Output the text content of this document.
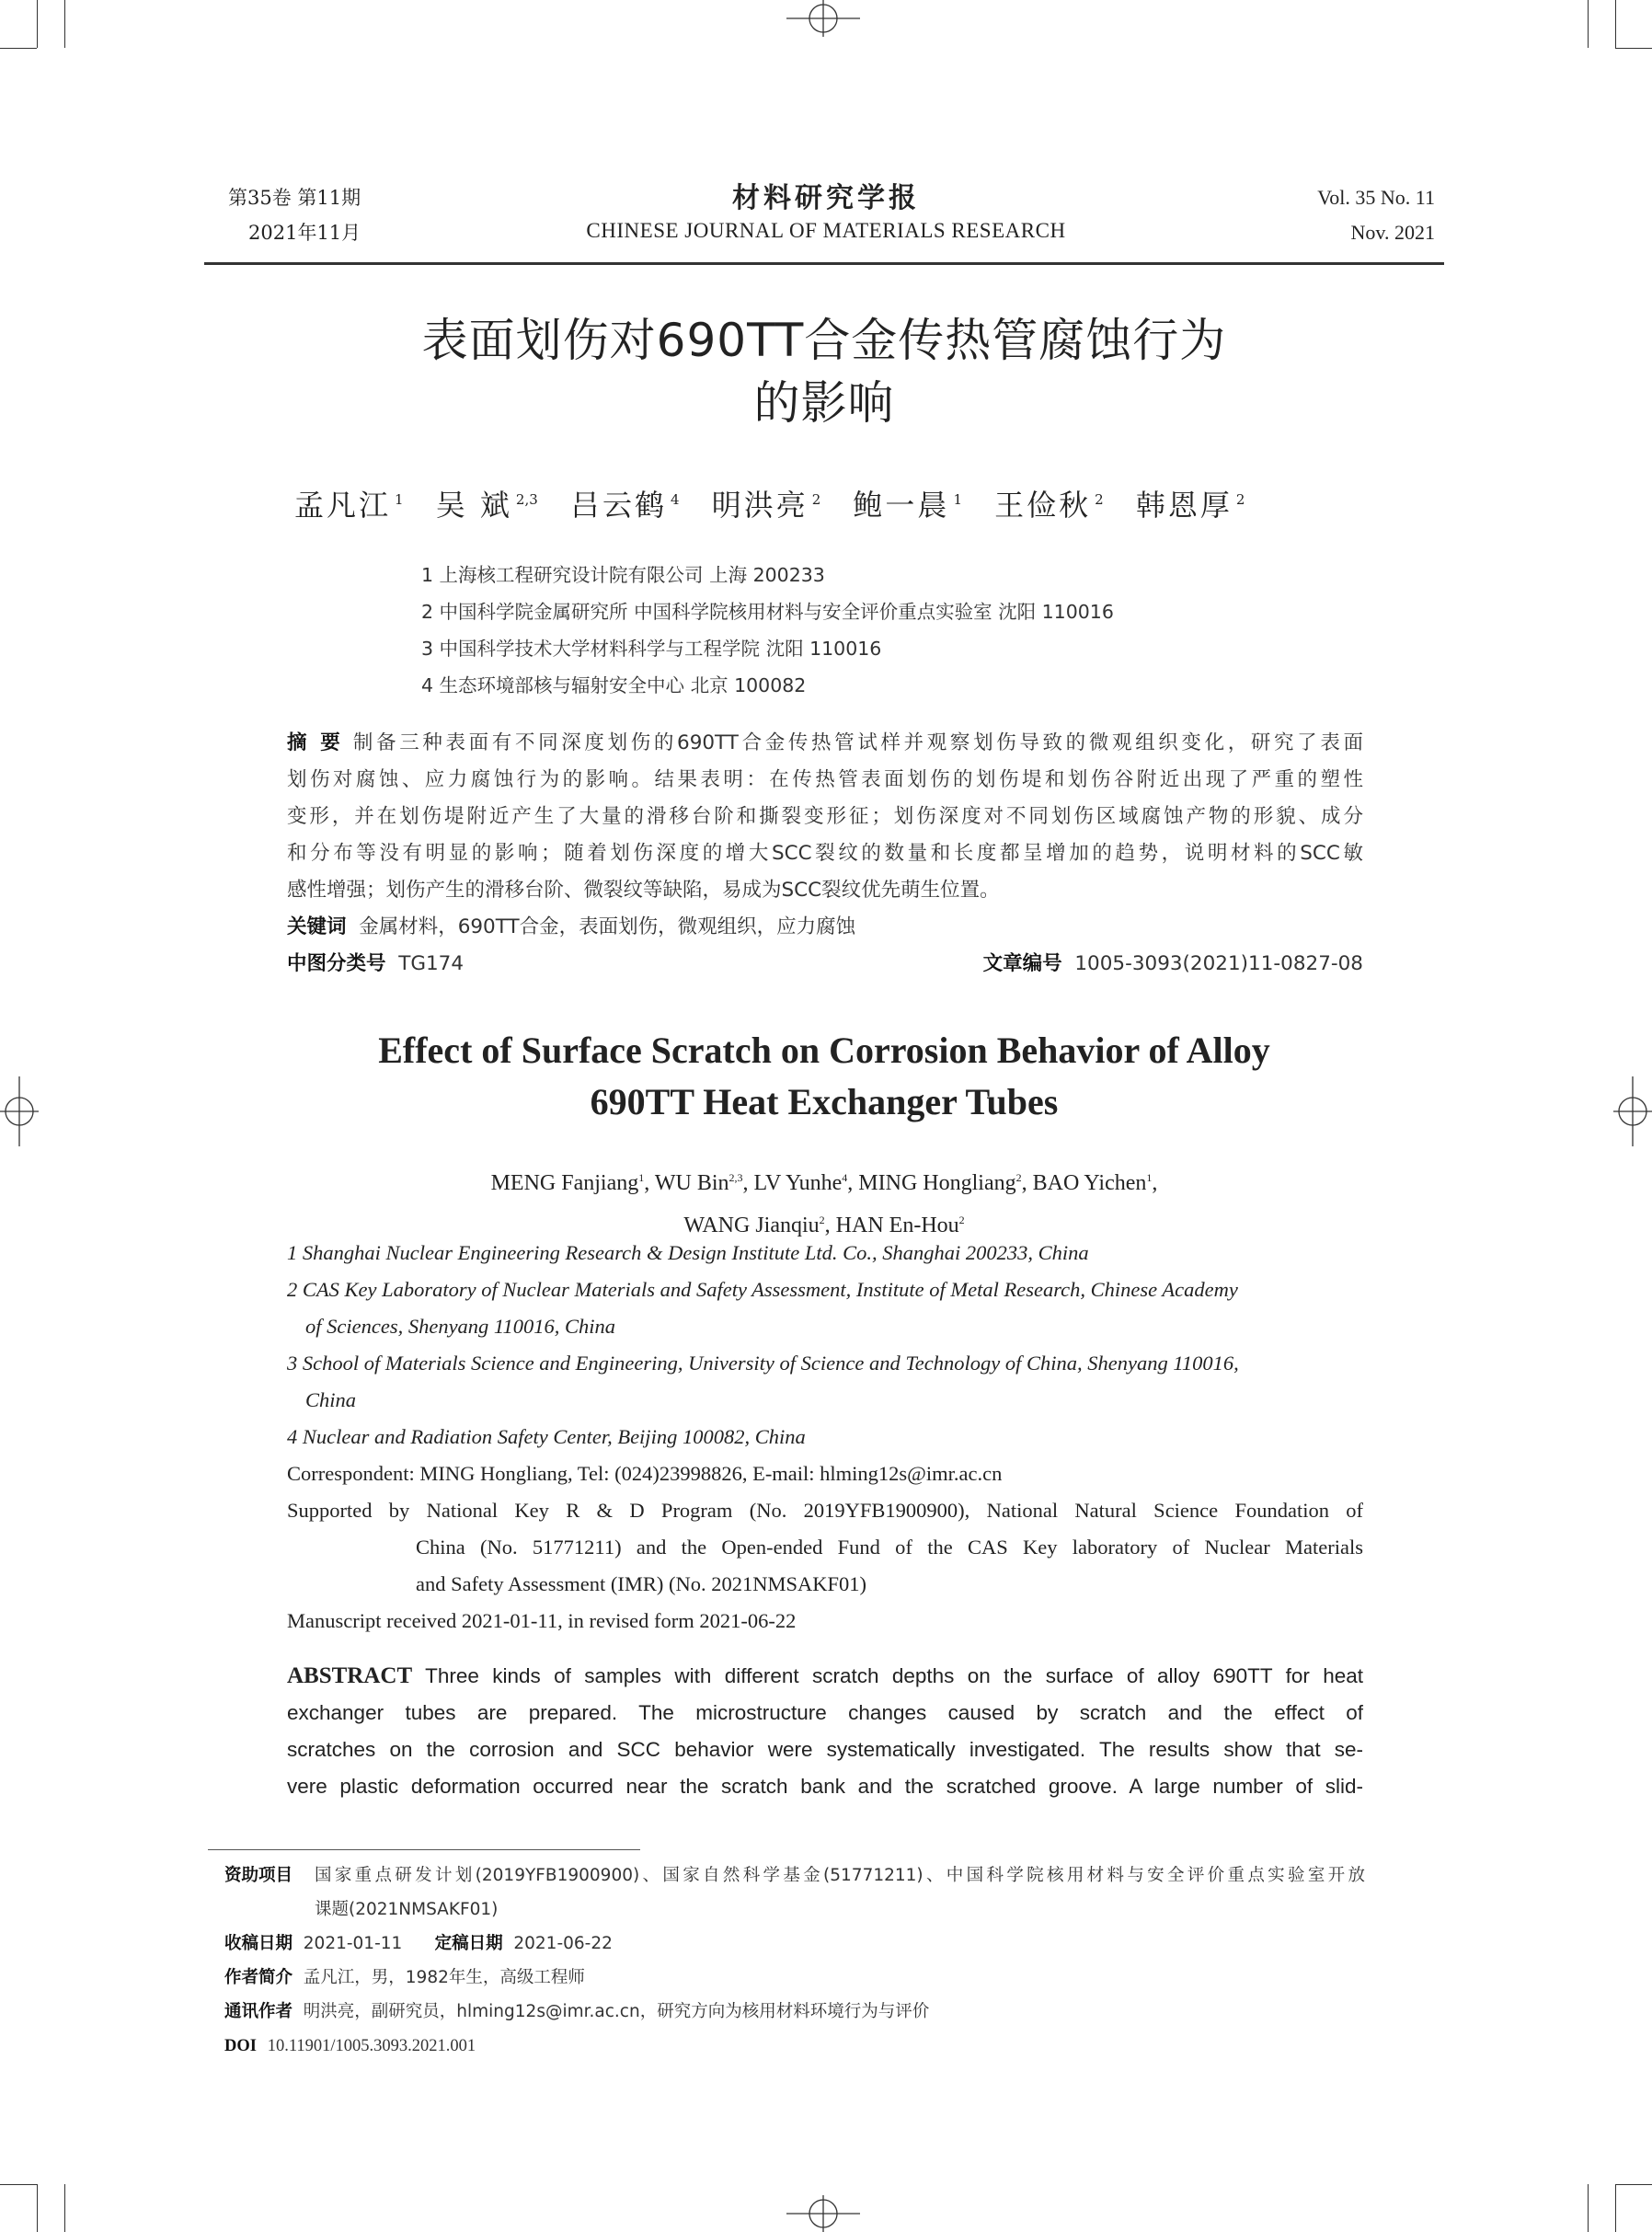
第35卷 第11期
2021年11月
材料研究学报
CHINESE JOURNAL OF MATERIALS RESEARCH
Vol. 35 No. 11
Nov. 2021
表面划伤对690TT合金传热管腐蚀行为
的影响
孟凡江 $^1$ 吴 斌 $^{2,3}$ 吕云鹤 $^4$ 明洪亮 $^2$ 鲍一晨 $^1$ 王俭秋 $^2$ 韩恩厚 $^2$
1 上海核工程研究设计院有限公司 上海 200233
2 中国科学院金属研究所 中国科学院核用材料与安全评价重点实验室 沈阳 110016
3 中国科学技术大学材料科学与工程学院 沈阳 110016
4 生态环境部核与辐射安全中心 北京 100082
摘 要 制备三种表面有不同深度划伤的690TT合金传热管试样并观察划伤导致的微观组织变化，研究了表面
划伤对腐蚀、应力腐蚀行为的影响。结果表明：在传热管表面划伤的划伤堤和划伤谷附近出现了严重的塑性
变形，并在划伤堤附近产生了大量的滑移台阶和撕裂变形征；划伤深度对不同划伤区域腐蚀产物的形貌、成分
和分布等没有明显的影响；随着划伤深度的增大SCC裂纹的数量和长度都呈增加的趋势，说明材料的SCC敏
感性增强；划伤产生的滑移台阶、微裂纹等缺陷，易成为SCC裂纹优先萌生位置。
关键词 金属材料，690TT合金，表面划伤，微观组织，应力腐蚀
中图分类号 TG174	文章编号 1005-3093(2021)11-0827-08
Effect of Surface Scratch on Corrosion Behavior of Alloy
690TT Heat Exchanger Tubes
MENG Fanjiang$^1$, WU Bin$^{2,3}$, LV Yunhe$^4$, MING Hongliang$^2$, BAO Yichen$^1$,
WANG Jianqiu$^2$, HAN En-Hou$^2$
1 Shanghai Nuclear Engineering Research & Design Institute Ltd. Co., Shanghai 200233, China
2 CAS Key Laboratory of Nuclear Materials and Safety Assessment, Institute of Metal Research, Chinese Academy
of Sciences, Shenyang 110016, China
3 School of Materials Science and Engineering, University of Science and Technology of China, Shenyang 110016,
China
4 Nuclear and Radiation Safety Center, Beijing 100082, China
Correspondent: MING Hongliang, Tel: (024)23998826, E-mail: hlming12s@imr.ac.cn
Supported by National Key R & D Program (No. 2019YFB1900900), National Natural Science Foundation of
China (No. 51771211) and the Open-ended Fund of the CAS Key laboratory of Nuclear Materials
and Safety Assessment (IMR) (No. 2021NMSAKF01)
Manuscript received 2021-01-11, in revised form 2021-06-22
ABSTRACT Three kinds of samples with different scratch depths on the surface of alloy 690TT for heat
exchanger tubes are prepared. The microstructure changes caused by scratch and the effect of
scratches on the corrosion and SCC behavior were systematically investigated. The results show that se-
vere plastic deformation occurred near the scratch bank and the scratched groove. A large number of slid-
资助项目	国家重点研发计划(2019YFB1900900)、国家自然科学基金(51771211)、中国科学院核用材料与安全评价重点实验室开放
课题(2021NMSAKF01)
收稿日期 2021-01-11 定稿日期 2021-06-22
作者简介 孟凡江，男，1982年生，高级工程师
通讯作者 明洪亮，副研究员，hlming12s@imr.ac.cn，研究方向为核用材料环境行为与评价
DOI 10.11901/1005.3093.2021.001
